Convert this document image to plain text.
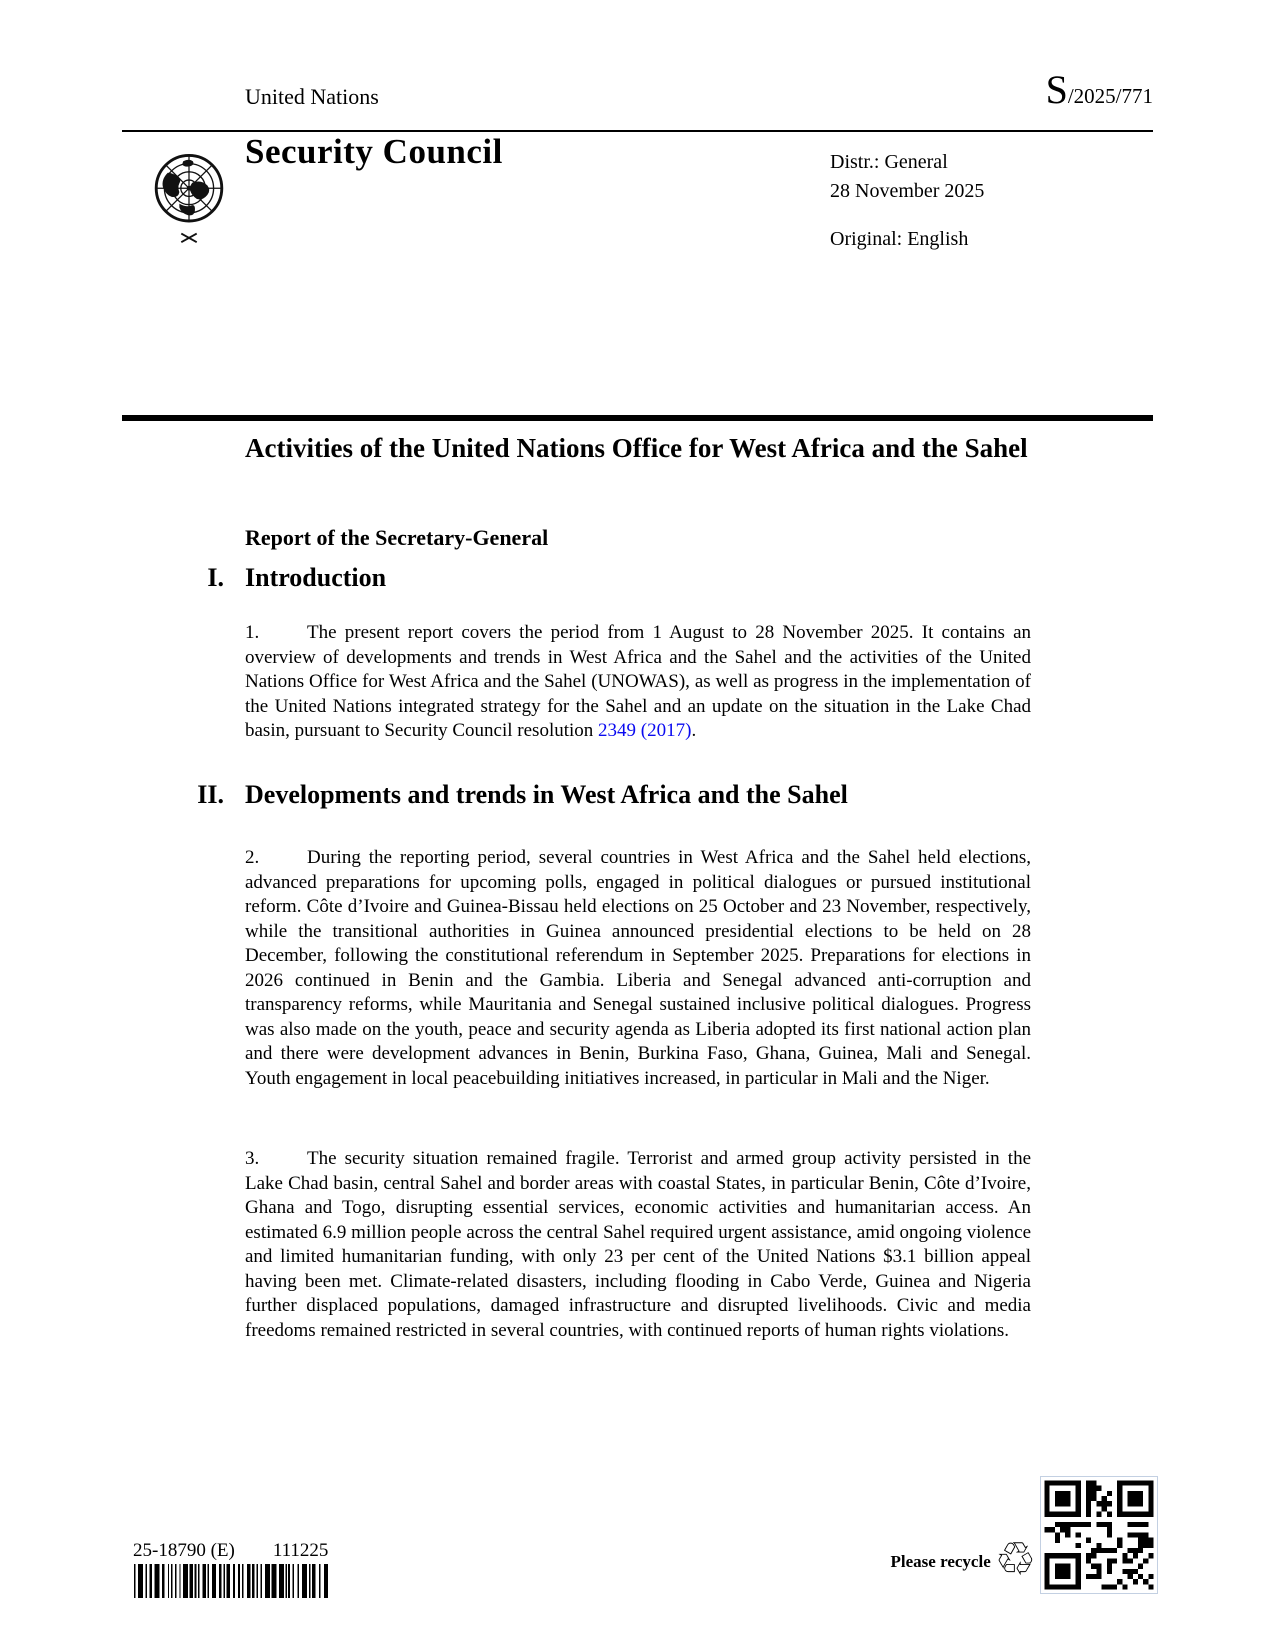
United Nations	S/2025/771
Security Council	Distr.: General
28 November 2025
Original: English
Activities of the United Nations Office for West Africa and the Sahel
Report of the Secretary-General
I. Introduction

1.	The present report covers the period from 1 August to 28 November 2025. It contains an overview of developments and trends in West Africa and the Sahel and the activities of the United Nations Office for West Africa and the Sahel (UNOWAS), as well as progress in the implementation of the United Nations integrated strategy for the Sahel and an update on the situation in the Lake Chad basin, pursuant to Security Council resolution 2349 (2017).

II. Developments and trends in West Africa and the Sahel

2.	During the reporting period, several countries in West Africa and the Sahel held elections, advanced preparations for upcoming polls, engaged in political dialogues or pursued institutional reform. Côte d’Ivoire and Guinea-Bissau held elections on 25 October and 23 November, respectively, while the transitional authorities in Guinea announced presidential elections to be held on 28 December, following the constitutional referendum in September 2025. Preparations for elections in 2026 continued in Benin and the Gambia. Liberia and Senegal advanced anti-corruption and transparency reforms, while Mauritania and Senegal sustained inclusive political dialogues. Progress was also made on the youth, peace and security agenda as Liberia adopted its first national action plan and there were development advances in Benin, Burkina Faso, Ghana, Guinea, Mali and Senegal. Youth engagement in local peacebuilding initiatives increased, in particular in Mali and the Niger.

3.	The security situation remained fragile. Terrorist and armed group activity persisted in the Lake Chad basin, central Sahel and border areas with coastal States, in particular Benin, Côte d’Ivoire, Ghana and Togo, disrupting essential services, economic activities and humanitarian access. An estimated 6.9 million people across the central Sahel required urgent assistance, amid ongoing violence and limited humanitarian funding, with only 23 per cent of the United Nations $3.1 billion appeal having been met. Climate-related disasters, including flooding in Cabo Verde, Guinea and Nigeria further displaced populations, damaged infrastructure and disrupted livelihoods. Civic and media freedoms remained restricted in several countries, with continued reports of human rights violations.

25-18790 (E) 111225
Please recycle ♲
